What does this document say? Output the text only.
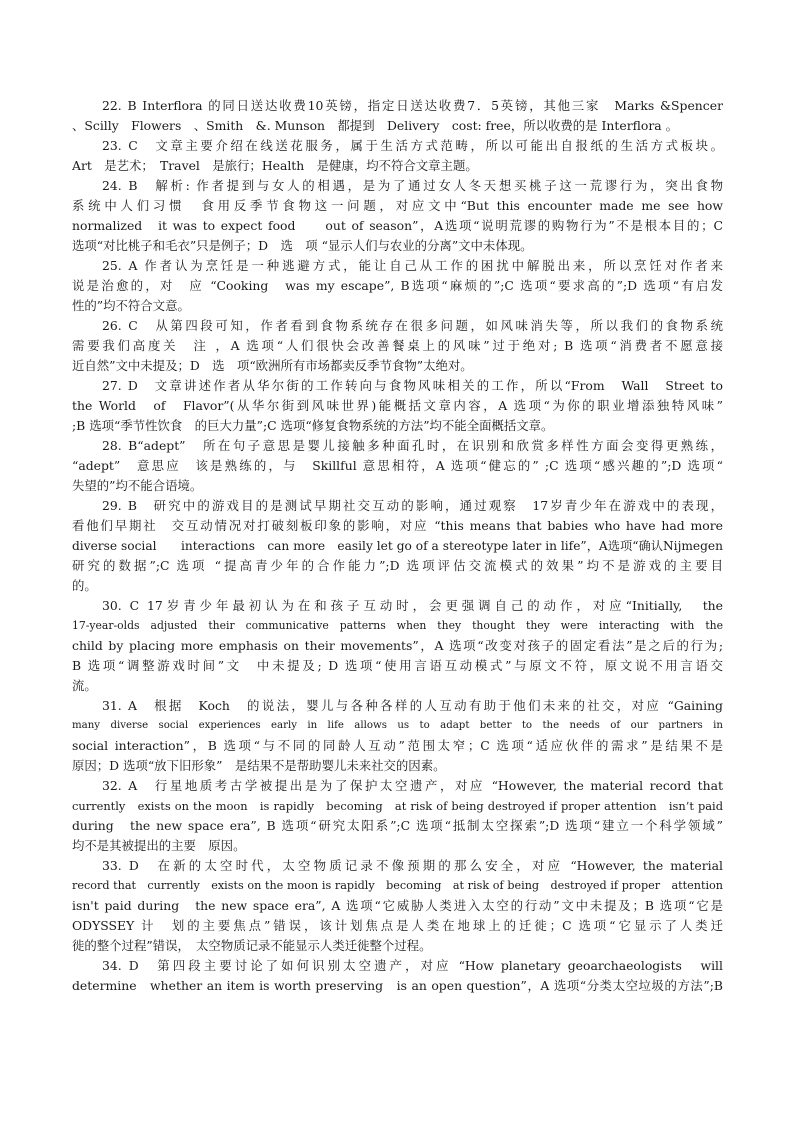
22. B Interflora 的同日送达收费10英镑，指定日送达收费7．5英镑，其他三家　Marks &Spencer
、Scilly　Flowers　、Smith　&. Munson　都提到　Delivery　cost: free，所以收费的是 Interflora 。
23. C　文章主要介绍在线送花服务，属于生活方式范畴，所以可能出自报纸的生活方式板块。
Art　是艺术；　Travel　是旅行；Health　是健康，均不符合文章主题。
24. B　解析: 作者提到与女人的相遇，是为了通过女人冬天想买桃子这一荒谬行为，突出食物
系统中人们习惯　食用反季节食物这一问题，对应文中“But this encounter made me see how
normalized　it was to expect food　　out of season”，A选项“说明荒谬的购物行为”不是根本目的；C
选项“对比桃子和毛衣”只是例子；D　选　项 “显示人们与农业的分离”文中未体现。
25. A 作者认为烹饪是一种逃避方式，能让自己从工作的困扰中解脱出来，所以烹饪对作者来
说是治愈的，对　应 “Cooking　was my escape”, B选项“麻烦的”;C 选项“要求高的”;D 选项“有启发
性的”均不符合文意。
26. C　从第四段可知，作者看到食物系统存在很多问题，如风味消失等，所以我们的食物系统
需要我们高度关　注 ，A 选项“人们很快会改善餐桌上的风味”过于绝对; B 选项“消费者不愿意接
近自然”文中未提及；D　选　项“欧洲所有市场都卖反季节食物”太绝对。
27. D　文章讲述作者从华尔街的工作转向与食物风味相关的工作，所以“From　Wall　Street to
the World　of　Flavor”(从华尔街到风味世界)能概括文章内容，A 选项“为你的职业增添独特风味”
;B 选项“季节性饮食　的巨大力量”;C 选项“修复食物系统的方法”均不能全面概括文章。
28. B“adept”　所在句子意思是婴儿接触多种面孔时，在识别和欣赏多样性方面会变得更熟练，
“adept”　意思应　该是熟练的，与　Skillful 意思相符，A 选项“健忘的” ;C 选项“感兴趣的”;D 选项“
失望的”均不能合语境。
29. B　研究中的游戏目的是测试早期社交互动的影响，通过观察　17岁青少年在游戏中的表现，
看他们早期社　交互动情况对打破刻板印象的影响，对应 “this means that babies who have had more
diverse social　　interactions　can more　easily let go of a stereotype later in life”，A选项“确认Nijmegen
研究的数据”;C 选项 “提高青少年的合作能力”;D 选项评估交流模式的效果”均不是游戏的主要目
的。
30. C 17岁青少年最初认为在和孩子互动时，会更强调自己的动作，对应“Initially,　the
17-year-olds　adjusted　their　communicative　patterns　when　they　thought　they　were　interacting　with　the
child by placing more emphasis on their movements”，A 选项“改变对孩子的固定看法”是之后的行为;
B 选项“调整游戏时间”文　中未提及; D 选项“使用言语互动模式”与原文不符，原文说不用言语交
流。
31. A　根据　Koch　的说法，婴儿与各种各样的人互动有助于他们未来的社交，对应 “Gaining
many　diverse　social　experiences　early　in　life　allows　us　to　adapt　better　to　the　needs　of　our　partners　in
social interaction”，B 选项“与不同的同龄人互动”范围太窄；C 选项“适应伙伴的需求”是结果不是
原因；D 选项“放下旧形象”　是结果不是帮助婴儿未来社交的因素。
32. A　行星地质考古学被提出是为了保护太空遗产，对应 “However, the material record that
currently　exists on the moon　is rapidly　becoming　at risk of being destroyed if proper attention　isn’t paid
during　the new space era”, B 选项“研究太阳系”;C 选项“抵制太空探索”;D 选项“建立一个科学领域”
均不是其被提出的主要　原因。
33. D　在新的太空时代，太空物质记录不像预期的那么安全，对应 “However, the material
record that　currently　exists on the moon is rapidly　becoming　at risk of being　destroyed if proper　attention
isn't paid during　the new space era”, A 选项“它威胁人类进入太空的行动”文中未提及；B 选项“它是
ODYSSEY 计　划的主要焦点”错误，该计划焦点是人类在地球上的迁徙；C 选项“它显示了人类迁
徙的整个过程”错误，　太空物质记录不能显示人类迁徙整个过程。
34. D　第四段主要讨论了如何识别太空遗产，对应 “How planetary geoarchaeologists　will
determine　whether an item is worth preserving　is an open question”，A 选项“分类太空垃圾的方法”;B
